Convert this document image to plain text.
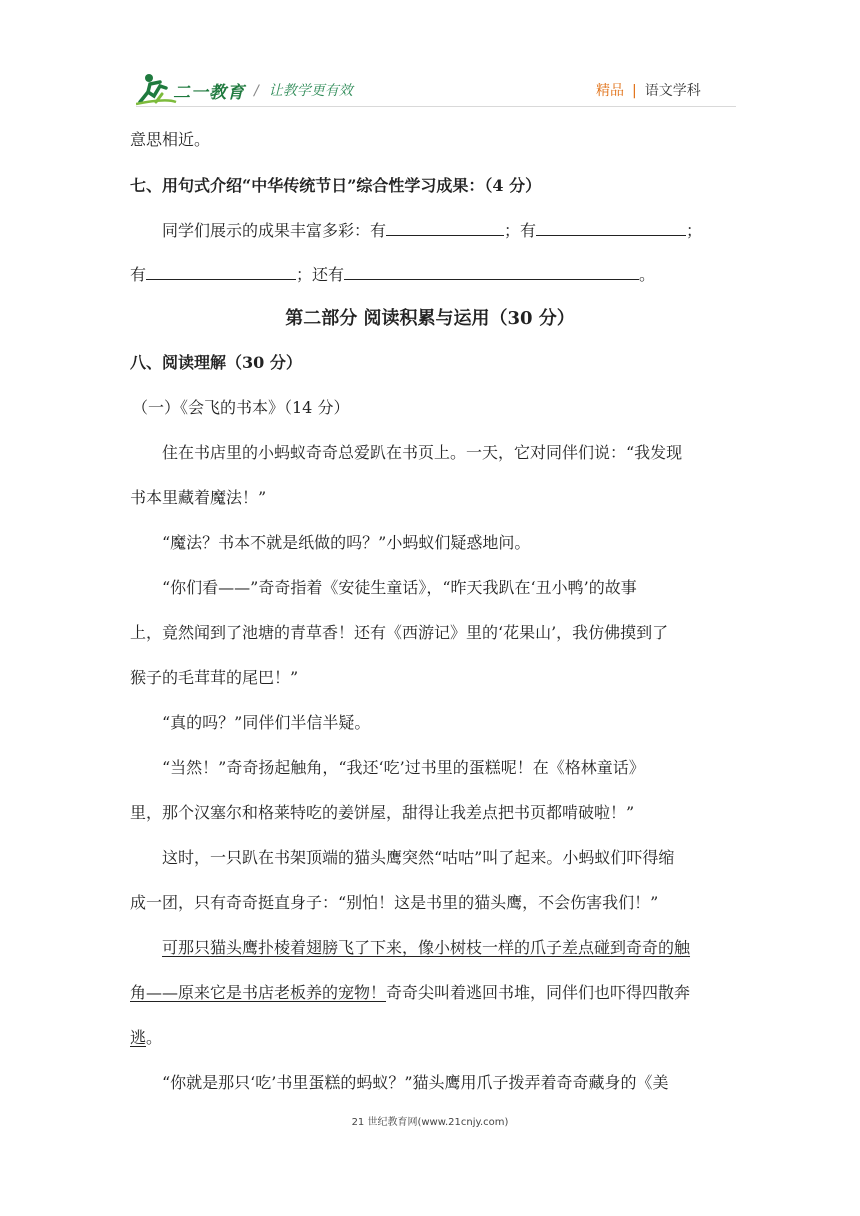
二一教育 / 让教学更有效	精品 | 语文学科
意思相近。
七、用句式介绍“中华传统节日”综合性学习成果：（4 分）
同学们展示的成果丰富多彩：有	；有	；
有	；还有	。
第二部分 阅读积累与运用（30 分）
八、阅读理解（30 分）
（一）《会飞的书本》（14 分）
住在书店里的小蚂蚁奇奇总爱趴在书页上。一天，它对同伴们说：“我发现
书本里藏着魔法！”
“魔法？书本不就是纸做的吗？”小蚂蚁们疑惑地问。
“你们看——”奇奇指着《安徒生童话》，“昨天我趴在‘丑小鸭’的故事
上，竟然闻到了池塘的青草香！还有《西游记》里的‘花果山’，我仿佛摸到了
猴子的毛茸茸的尾巴！”
“真的吗？”同伴们半信半疑。
“当然！”奇奇扬起触角，“我还‘吃’过书里的蛋糕呢！在《格林童话》
里，那个汉塞尔和格莱特吃的姜饼屋，甜得让我差点把书页都啃破啦！”
这时，一只趴在书架顶端的猫头鹰突然“咕咕”叫了起来。小蚂蚁们吓得缩
成一团，只有奇奇挺直身子：“别怕！这是书里的猫头鹰，不会伤害我们！”
可那只猫头鹰扑棱着翅膀飞了下来，像小树枝一样的爪子差点碰到奇奇的触
角——原来它是书店老板养的宠物！奇奇尖叫着逃回书堆，同伴们也吓得四散奔
逃。
“你就是那只‘吃’书里蛋糕的蚂蚁？”猫头鹰用爪子拨弄着奇奇藏身的《美
21 世纪教育网(www.21cnjy.com)
